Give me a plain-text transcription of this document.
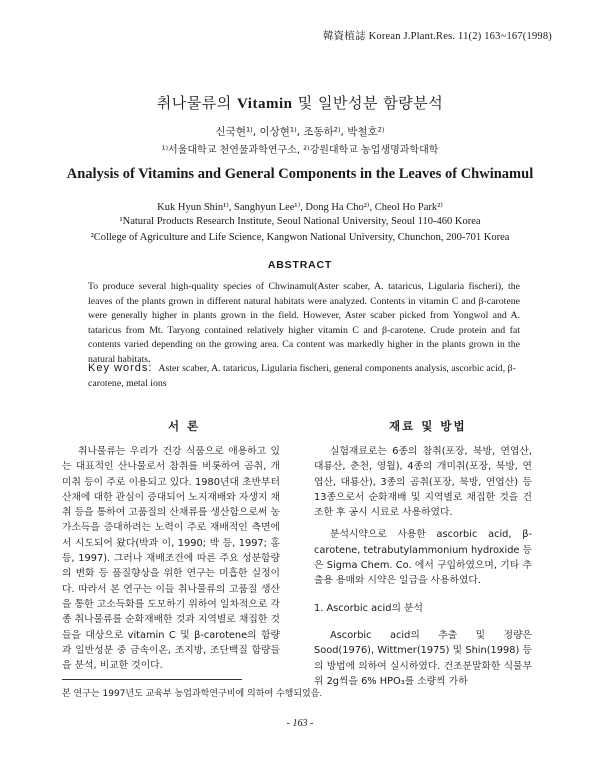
韓資植誌 Korean J.Plant.Res. 11(2) 163~167(1998)
취나물류의 Vitamin 및 일반성분 함량분석
신국현¹⁾, 이상현¹⁾, 조동하²⁾, 박철호²⁾
¹⁾서울대학교 천연물과학연구소, ²⁾강원대학교 농업생명과학대학
Analysis of Vitamins and General Components in the Leaves of Chwinamul
Kuk Hyun Shin¹⁾, Sanghyun Lee¹⁾, Dong Ha Cho²⁾, Cheol Ho Park²⁾
¹Natural Products Research Institute, Seoul National University, Seoul 110-460 Korea
²College of Agriculture and Life Science, Kangwon National University, Chunchon, 200-701 Korea
ABSTRACT
To produce several high-quality species of Chwinamul(Aster scaber, A. tataricus, Ligularia fischeri), the leaves of the plants grown in different natural habitats were analyzed. Contents in vitamin C and β-carotene were generally higher in plants grown in the field. However, Aster scaber picked from Yongwol and A. tataricus from Mt. Taryong contained relatively higher vitamin C and β-carotene. Crude protein and fat contents varied depending on the growing area. Ca content was markedly higher in the plants grown in the natural habitats.
Key words: Aster scaber, A. tataricus, Ligularia fischeri, general components analysis, ascorbic acid, β-carotene, metal ions
서 론	재료 및 방법

취나물류는 우리가 건강 식품으로 애용하고 있는 대표적인 산나물로서 참취를 비롯하여 곰취, 개미취 등이 주로 이용되고 있다. 1980년대 초반부터 산채에 대한 관심이 증대되어 노지재배와 자생지 채취 등을 통하여 고품질의 산채류를 생산함으로써 농가소득을 증대하려는 노력이 주로 재배적인 측면에서 시도되어 왔다(박과 이, 1990; 박 등, 1997; 홍 등, 1997). 그러나 재배조건에 따른 주요 성분함량의 변화 등 품질향상을 위한 연구는 미흡한 실정이다. 따라서 본 연구는 이들 취나물류의 고품질 생산을 통한 고소득화를 도모하기 위하여 일차적으로 각종 취나물류를 순화재배한 것과 지역별로 채집한 것들을 대상으로 vitamin C 및 β-carotene의 함량과 일반성분 중 금속이온, 조지방, 조단백질 함량들을 분석, 비교한 것이다.

실험재료로는 6종의 참취(포장, 북방, 연엽산, 대룡산, 춘천, 영월), 4종의 개미취(포장, 북방, 연엽산, 대룡산), 3종의 곰취(포장, 북방, 연엽산) 등 13종으로서 순화재배 및 지역별로 채집한 것을 건조한 후 공시 시료로 사용하였다.

분석시약으로 사용한 ascorbic acid, β-carotene, tetrabutylammonium hydroxide 등은 Sigma Chem. Co. 에서 구입하였으며, 기타 추출용 용매와 시약은 일급을 사용하였다.

1. Ascorbic acid의 분석

Ascorbic acid의 추출 및 정량은 Sood(1976), Wittmer(1975) 및 Shin(1998) 등의 방법에 의하여 실시하였다. 건조분말화한 식물부위 2g씩을 6% HPO₃를 소량씩 가하

본 연구는 1997년도 교육부 농업과학연구비에 의하여 수행되었음.
- 163 -
